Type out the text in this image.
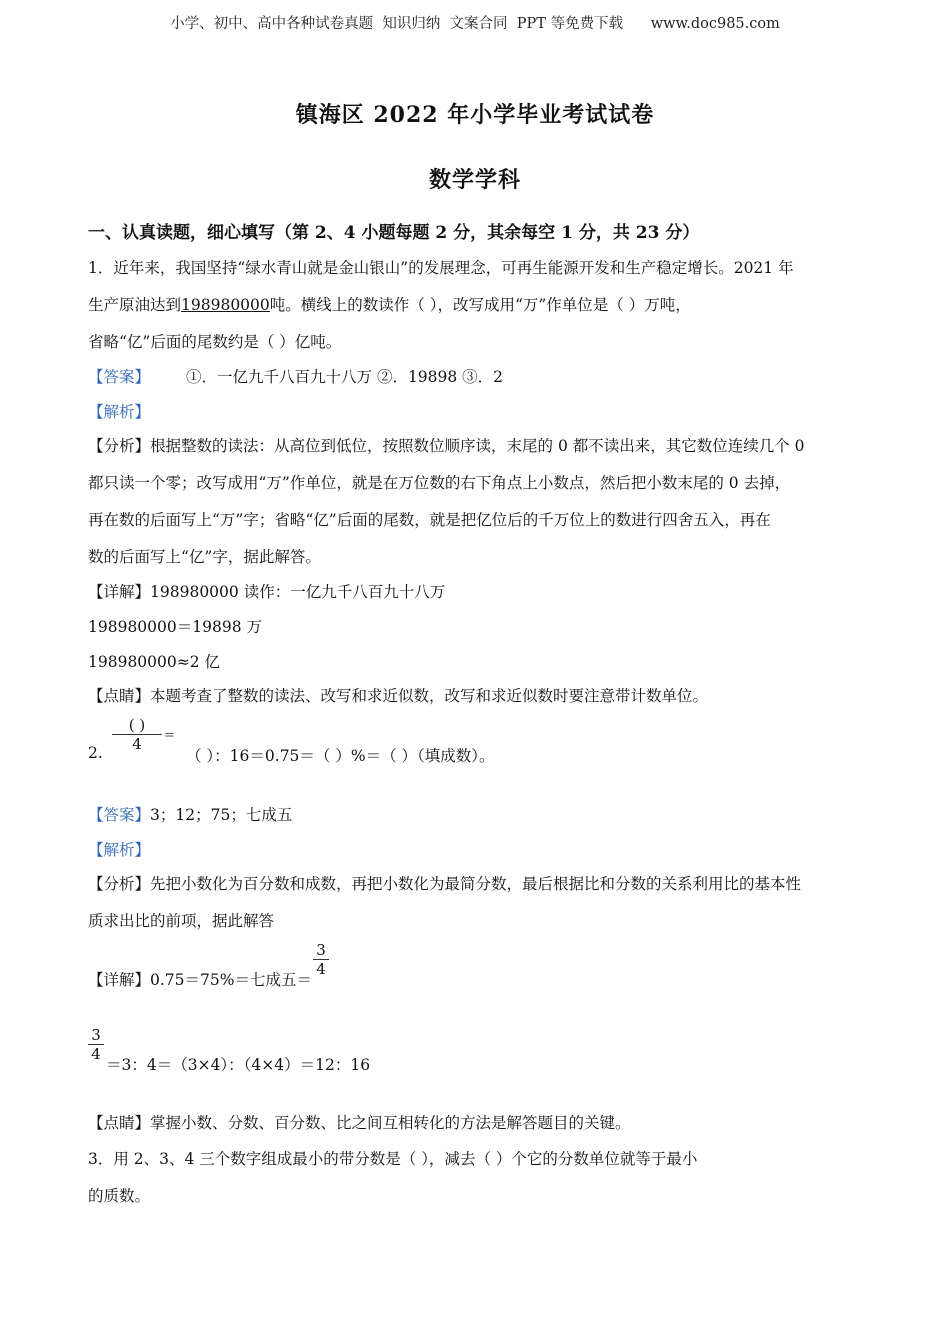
小学、初中、高中各种试卷真题  知识归纳  文案合同  PPT 等免费下载      www.doc985.com
镇海区 2022 年小学毕业考试试卷
数学学科
一、认真读题，细心填写（第 2、4 小题每题 2 分，其余每空 1 分，共 23 分）
1．近年来，我国坚持“绿水青山就是金山银山”的发展理念，可再生能源开发和生产稳定增长。2021 年
生产原油达到198980000吨。横线上的数读作（ ），改写成用“万”作单位是（ ）万吨，
省略“亿”后面的尾数约是（ ）亿吨。
【答案】 ①．一亿九千八百九十八万 ②．19898 ③．2
【解析】
【分析】根据整数的读法：从高位到低位，按照数位顺序读，末尾的 0 都不读出来，其它数位连续几个 0
都只读一个零；改写成用“万”作单位，就是在万位数的右下角点上小数点，然后把小数末尾的 0 去掉，
再在数的后面写上“万”字；省略“亿”后面的尾数，就是把亿位后的千万位上的数进行四舍五入，再在
数的后面写上“亿”字，据此解答。
【详解】198980000 读作：一亿九千八百九十八万
198980000＝19898 万
198980000≈2 亿
【点睛】本题考查了整数的读法、改写和求近似数，改写和求近似数时要注意带计数单位。
( )
4	=
2.	（ ）：16＝0.75＝（ ）%＝（ ）（填成数）。
【答案】3；12；75；七成五
【解析】
【分析】先把小数化为百分数和成数，再把小数化为最简分数，最后根据比和分数的关系利用比的基本性
质求出比的前项，据此解答
【详解】0.75＝75%＝七成五＝
3
4
3
4
＝3：4＝（3×4）：（4×4）＝12：16
【点睛】掌握小数、分数、百分数、比之间互相转化的方法是解答题目的关键。
3．用 2、3、4 三个数字组成最小的带分数是（ ），减去（ ）个它的分数单位就等于最小
的质数。
